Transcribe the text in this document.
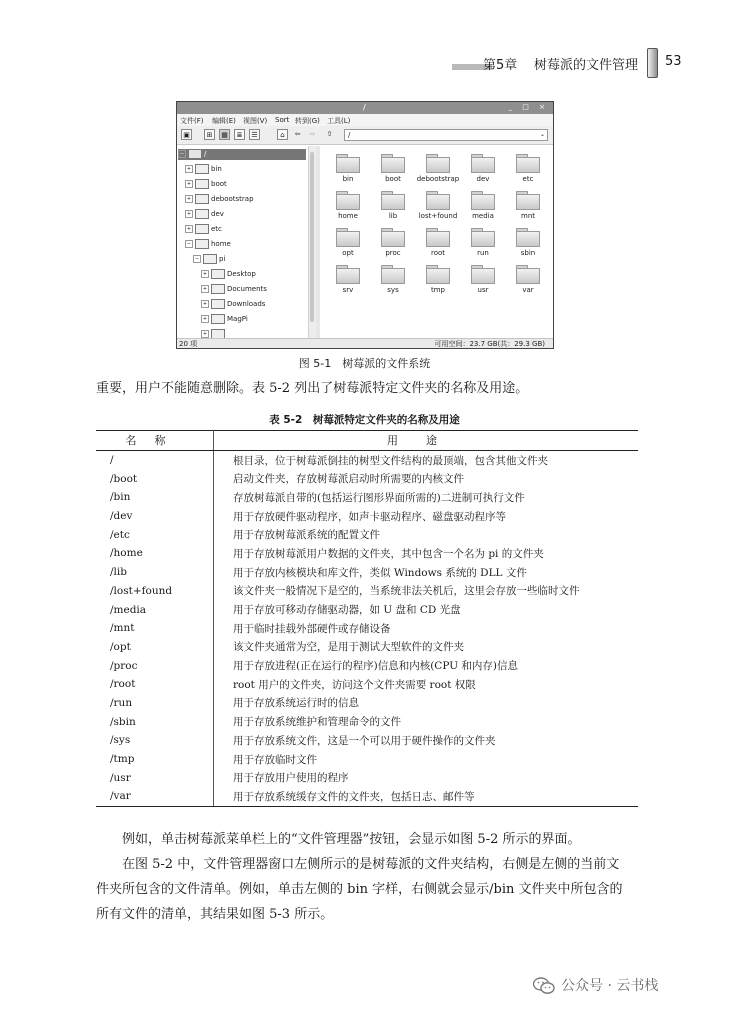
第5章 树莓派的文件管理 53
/	_ □ ×
文件(F) 编辑(E) 视图(V) Sort 转到(G) 工具(L)
▣	⊞	▦	≣	☰	⌂	⇦	⇨	⇧	/	⌄
−	/
+	bin
+	boot
+	debootstrap
+	dev
+	etc
−	home
−	pi
+	Desktop
+	Documents
+	Downloads
+	MagPi
+
bin	boot	debootstrap	dev	etc
home	lib	lost+found	media	mnt
opt	proc	root	run	sbin
srv	sys	tmp	usr	var
20 项	可用空间：23.7 GB(共：29.3 GB)
图 5-1　树莓派的文件系统
重要，用户不能随意删除。表 5-2 列出了树莓派特定文件夹的名称及用途。
表 5-2　树莓派特定文件夹的名称及用途
名称	用途
/	根目录，位于树莓派倒挂的树型文件结构的最顶端，包含其他文件夹
/boot	启动文件夹，存放树莓派启动时所需要的内核文件
/bin	存放树莓派自带的(包括运行图形界面所需的)二进制可执行文件
/dev	用于存放硬件驱动程序，如声卡驱动程序、磁盘驱动程序等
/etc	用于存放树莓派系统的配置文件
/home	用于存放树莓派用户数据的文件夹，其中包含一个名为 pi 的文件夹
/lib	用于存放内核模块和库文件，类似 Windows 系统的 DLL 文件
/lost+found	该文件夹一般情况下是空的，当系统非法关机后，这里会存放一些临时文件
/media	用于存放可移动存储驱动器，如 U 盘和 CD 光盘
/mnt	用于临时挂载外部硬件或存储设备
/opt	该文件夹通常为空，是用于测试大型软件的文件夹
/proc	用于存放进程(正在运行的程序)信息和内核(CPU 和内存)信息
/root	root 用户的文件夹，访问这个文件夹需要 root 权限
/run	用于存放系统运行时的信息
/sbin	用于存放系统维护和管理命令的文件
/sys	用于存放系统文件，这是一个可以用于硬件操作的文件夹
/tmp	用于存放临时文件
/usr	用于存放用户使用的程序
/var	用于存放系统缓存文件的文件夹，包括日志、邮件等
　　例如，单击树莓派菜单栏上的“文件管理器”按钮，会显示如图 5-2 所示的界面。
　　在图 5-2 中，文件管理器窗口左侧所示的是树莓派的文件夹结构，右侧是左侧的当前文
件夹所包含的文件清单。例如，单击左侧的 bin 字样，右侧就会显示/bin 文件夹中所包含的
所有文件的清单，其结果如图 5-3 所示。
公众号 · 云书栈
